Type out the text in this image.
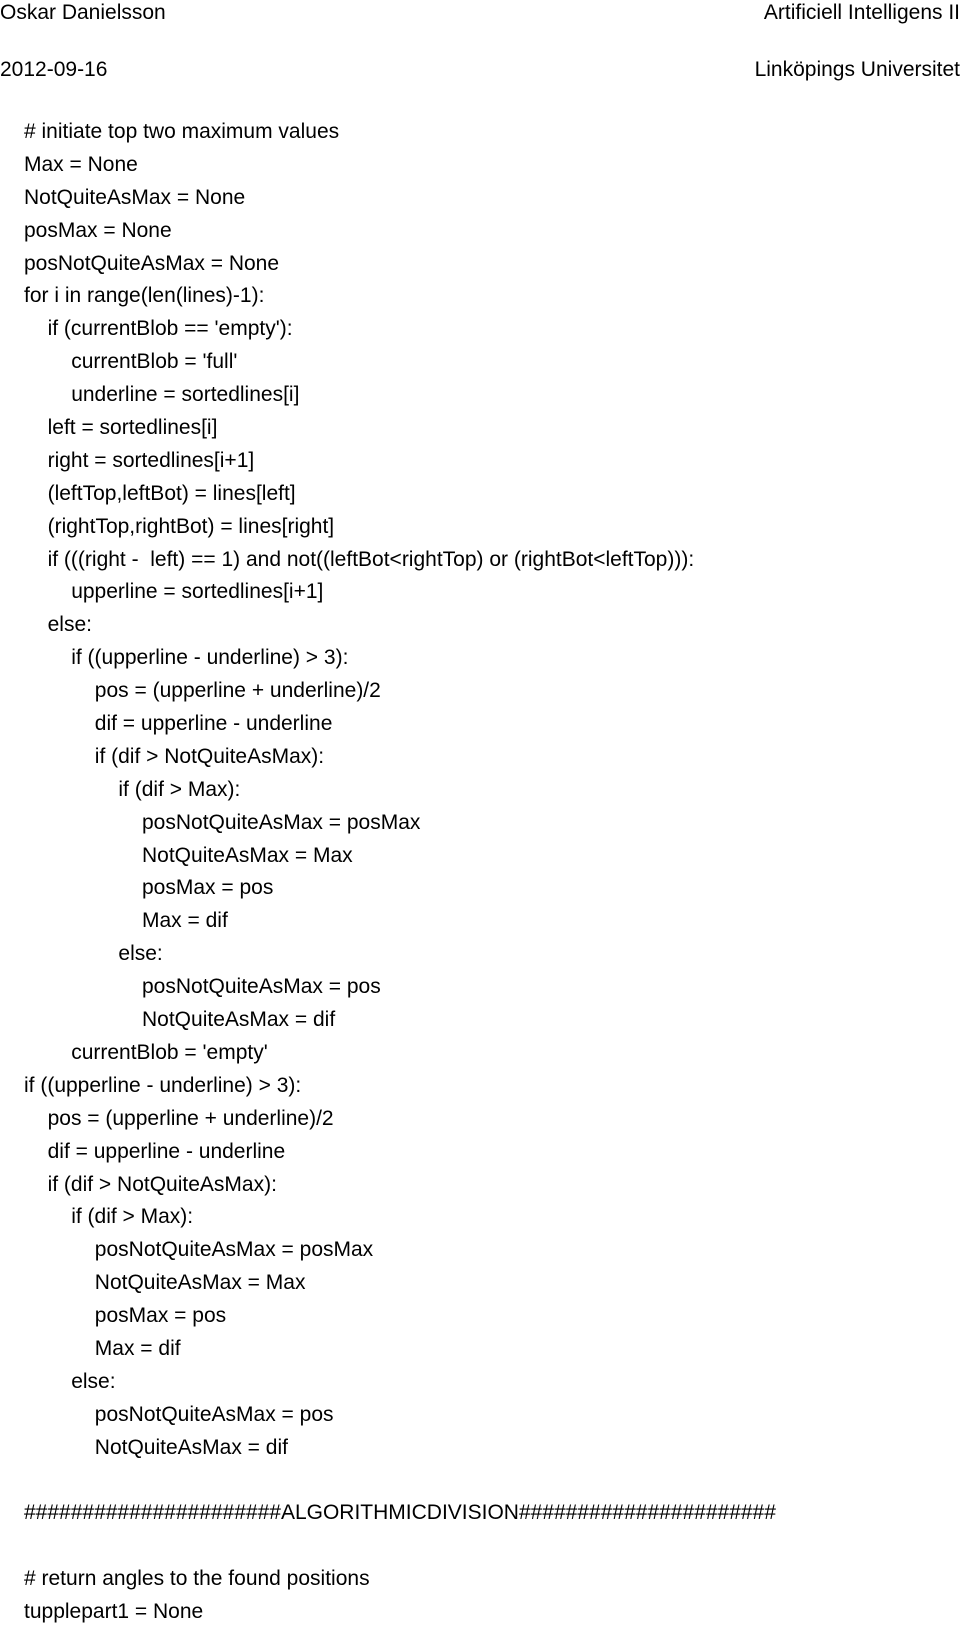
Oskar Danielsson	Artificiell Intelligens II
2012-09-16	Linköpings Universitet
# initiate top two maximum values
Max = None
NotQuiteAsMax = None
posMax = None
posNotQuiteAsMax = None
for i in range(len(lines)-1):
if (currentBlob == 'empty'):
currentBlob = 'full'
underline = sortedlines[i]
left = sortedlines[i]
right = sortedlines[i+1]
(leftTop,leftBot) = lines[left]
(rightTop,rightBot) = lines[right]
if (((right -  left) == 1) and not((leftBot<rightTop) or (rightBot<leftTop))):
upperline = sortedlines[i+1]
else:
if ((upperline - underline) > 3):
pos = (upperline + underline)/2
dif = upperline - underline
if (dif > NotQuiteAsMax):
if (dif > Max):
posNotQuiteAsMax = posMax
NotQuiteAsMax = Max
posMax = pos
Max = dif
else:
posNotQuiteAsMax = pos
NotQuiteAsMax = dif
currentBlob = 'empty'
if ((upperline - underline) > 3):
pos = (upperline + underline)/2
dif = upperline - underline
if (dif > NotQuiteAsMax):
if (dif > Max):
posNotQuiteAsMax = posMax
NotQuiteAsMax = Max
posMax = pos
Max = dif
else:
posNotQuiteAsMax = pos
NotQuiteAsMax = dif
######################ALGORITHMICDIVISION######################
# return angles to the found positions
tupplepart1 = None
